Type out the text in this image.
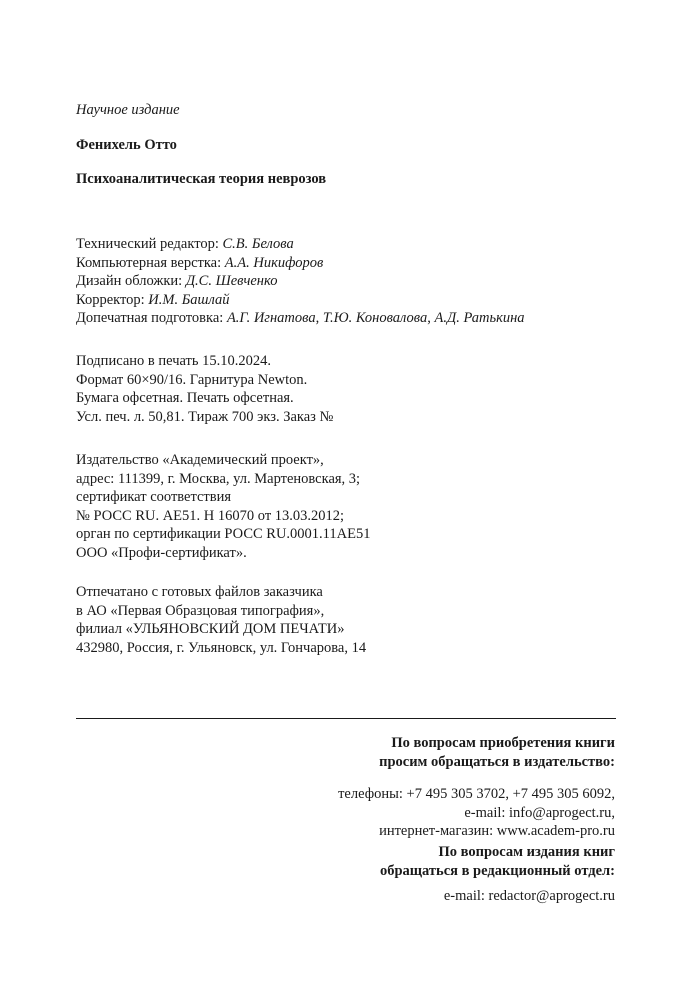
Научное издание
Фенихель Отто
Психоаналитическая теория неврозов
Технический редактор: С.В. Белова
Компьютерная верстка: А.А. Никифоров
Дизайн обложки: Д.С. Шевченко
Корректор: И.М. Башлай
Допечатная подготовка: А.Г. Игнатова, Т.Ю. Коновалова, А.Д. Ратькина
Подписано в печать 15.10.2024.
Формат 60×90/16. Гарнитура Newton.
Бумага офсетная. Печать офсетная.
Усл. печ. л. 50,81. Тираж 700 экз. Заказ №
Издательство «Академический проект»,
адрес: 111399, г. Москва, ул. Мартеновская, 3;
сертификат соответствия
№ РОСС RU. АЕ51. Н 16070 от 13.03.2012;
орган по сертификации РОСС RU.0001.11АЕ51
ООО «Профи-сертификат».
Отпечатано с готовых файлов заказчика
в АО «Первая Образцовая типография»,
филиал «УЛЬЯНОВСКИЙ ДОМ ПЕЧАТИ»
432980, Россия, г. Ульяновск, ул. Гончарова, 14
По вопросам приобретения книги
просим обращаться в издательство:
телефоны: +7 495 305 3702, +7 495 305 6092,
e-mail: info@aprogect.ru,
интернет-магазин: www.academ-pro.ru
По вопросам издания книг
обращаться в редакционный отдел:
e-mail: redactor@aprogect.ru
